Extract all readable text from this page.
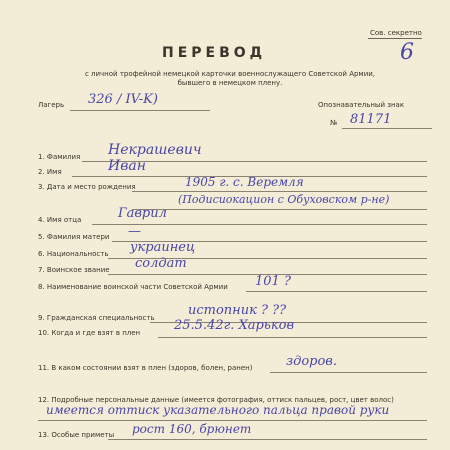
Сов. секретно
6
ПЕРЕВОД
с личной трофейной немецкой карточки военнослужащего Советской Армии,
бывшего в немецком плену.
Лагерь 326 / IV-K)	Опознавательный знак
№ 81171
1. Фамилия Некрашевич
2. Имя	Иван
3. Дата и место рождения	1905 г. с. Веремля
(Подисиокацион с Обуховском р-не)
4. Имя отца	Гаврил
5. Фамилия матери —
6. Национальность украинец
7. Воинское звание солдат
8. Наименование воинской части Советской Армии 101 ?
9. Гражданская специальность	истопник ? ??
10. Когда и где взят в плен	25.5.42г. Харьков
11. В каком состоянии взят в плен (здоров, болен, ранен)	здоров.
12. Подробные персональные данные (имеется фотография, оттиск пальцев, рост, цвет волос)
имеется оттиск указательного пальца правой руки
13. Особые приметы рост 160, брюнет
